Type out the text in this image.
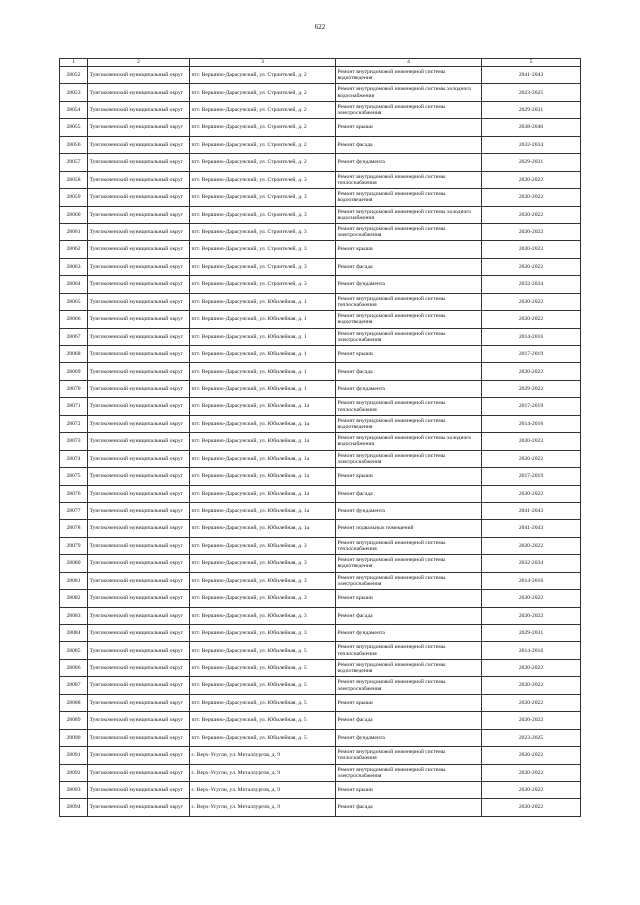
622
1	2	3	4	5
28052	Тунгокоченский муниципальный округ	пгт. Вершино-Дарасунский, ул. Строителей, д. 2	Ремонт внутридомовой инженерной системы водоотведения	2041-2043
28053	Тунгокоченский муниципальный округ	пгт. Вершино-Дарасунский, ул. Строителей, д. 2	Ремонт внутридомовой инженерной системы холодного водоснабжения	2023-2025
28054	Тунгокоченский муниципальный округ	пгт. Вершино-Дарасунский, ул. Строителей, д. 2	Ремонт внутридомовой инженерной системы электроснабжения	2029-2031
28055	Тунгокоченский муниципальный округ	пгт. Вершино-Дарасунский, ул. Строителей, д. 2	Ремонт крыши	2038-2040
28056	Тунгокоченский муниципальный округ	пгт. Вершино-Дарасунский, ул. Строителей, д. 2	Ремонт фасада	2032-2034
28057	Тунгокоченский муниципальный округ	пгт. Вершино-Дарасунский, ул. Строителей, д. 2	Ремонт фундамента	2029-2031
28058	Тунгокоченский муниципальный округ	пгт. Вершино-Дарасунский, ул. Строителей, д. 3	Ремонт внутридомовой инженерной системы теплоснабжения	2020-2022
28059	Тунгокоченский муниципальный округ	пгт. Вершино-Дарасунский, ул. Строителей, д. 3	Ремонт внутридомовой инженерной системы водоотведения	2020-2022
28060	Тунгокоченский муниципальный округ	пгт. Вершино-Дарасунский, ул. Строителей, д. 3	Ремонт внутридомовой инженерной системы холодного водоснабжения	2020-2022
28061	Тунгокоченский муниципальный округ	пгт. Вершино-Дарасунский, ул. Строителей, д. 3	Ремонт внутридомовой инженерной системы электроснабжения	2020-2022
28062	Тунгокоченский муниципальный округ	пгт. Вершино-Дарасунский, ул. Строителей, д. 3	Ремонт крыши	2020-2022
28063	Тунгокоченский муниципальный округ	пгт. Вершино-Дарасунский, ул. Строителей, д. 3	Ремонт фасада	2020-2022
28064	Тунгокоченский муниципальный округ	пгт. Вершино-Дарасунский, ул. Строителей, д. 3	Ремонт фундамента	2032-2034
28065	Тунгокоченский муниципальный округ	пгт. Вершино-Дарасунский, ул. Юбилейная, д. 1	Ремонт внутридомовой инженерной системы теплоснабжения	2020-2022
28066	Тунгокоченский муниципальный округ	пгт. Вершино-Дарасунский, ул. Юбилейная, д. 1	Ремонт внутридомовой инженерной системы водоотведения	2020-2022
28067	Тунгокоченский муниципальный округ	пгт. Вершино-Дарасунский, ул. Юбилейная, д. 1	Ремонт внутридомовой инженерной системы электроснабжения	2014-2016
28068	Тунгокоченский муниципальный округ	пгт. Вершино-Дарасунский, ул. Юбилейная, д. 1	Ремонт крыши	2017-2019
28069	Тунгокоченский муниципальный округ	пгт. Вершино-Дарасунский, ул. Юбилейная, д. 1	Ремонт фасада	2020-2022
28070	Тунгокоченский муниципальный округ	пгт. Вершино-Дарасунский, ул. Юбилейная, д. 1	Ремонт фундамента	2029-2022
28071	Тунгокоченский муниципальный округ	пгт. Вершино-Дарасунский, ул. Юбилейная, д. 1а	Ремонт внутридомовой инженерной системы теплоснабжения	2017-2019
28072	Тунгокоченский муниципальный округ	пгт. Вершино-Дарасунский, ул. Юбилейная, д. 1а	Ремонт внутридомовой инженерной системы водоотведения	2014-2016
28073	Тунгокоченский муниципальный округ	пгт. Вершино-Дарасунский, ул. Юбилейная, д. 1а	Ремонт внутридомовой инженерной системы холодного водоснабжения	2020-2022
28074	Тунгокоченский муниципальный округ	пгт. Вершино-Дарасунский, ул. Юбилейная, д. 1а	Ремонт внутридомовой инженерной системы электроснабжения	2020-2022
28075	Тунгокоченский муниципальный округ	пгт. Вершино-Дарасунский, ул. Юбилейная, д. 1а	Ремонт крыши	2017-2019
28076	Тунгокоченский муниципальный округ	пгт. Вершино-Дарасунский, ул. Юбилейная, д. 1а	Ремонт фасада	2020-2022
28077	Тунгокоченский муниципальный округ	пгт. Вершино-Дарасунский, ул. Юбилейная, д. 1а	Ремонт фундамента	2041-2043
28078	Тунгокоченский муниципальный округ	пгт. Вершино-Дарасунский, ул. Юбилейная, д. 1а	Ремонт подвальных помещений	2041-2043
28079	Тунгокоченский муниципальный округ	пгт. Вершино-Дарасунский, ул. Юбилейная, д. 3	Ремонт внутридомовой инженерной системы теплоснабжения	2020-2022
28080	Тунгокоченский муниципальный округ	пгт. Вершино-Дарасунский, ул. Юбилейная, д. 3	Ремонт внутридомовой инженерной системы водоотведения	2032-2034
28081	Тунгокоченский муниципальный округ	пгт. Вершино-Дарасунский, ул. Юбилейная, д. 3	Ремонт внутридомовой инженерной системы электроснабжения	2014-2016
28082	Тунгокоченский муниципальный округ	пгт. Вершино-Дарасунский, ул. Юбилейная, д. 3	Ремонт крыши	2020-2022
28083	Тунгокоченский муниципальный округ	пгт. Вершино-Дарасунский, ул. Юбилейная, д. 3	Ремонт фасада	2020-2022
28084	Тунгокоченский муниципальный округ	пгт. Вершино-Дарасунский, ул. Юбилейная, д. 3	Ремонт фундамента	2029-2031
28085	Тунгокоченский муниципальный округ	пгт. Вершино-Дарасунский, ул. Юбилейная, д. 5	Ремонт внутридомовой инженерной системы теплоснабжения	2014-2016
28086	Тунгокоченский муниципальный округ	пгт. Вершино-Дарасунский, ул. Юбилейная, д. 5	Ремонт внутридомовой инженерной системы водоотведения	2020-2022
28087	Тунгокоченский муниципальный округ	пгт. Вершино-Дарасунский, ул. Юбилейная, д. 5	Ремонт внутридомовой инженерной системы электроснабжения	2020-2022
28088	Тунгокоченский муниципальный округ	пгт. Вершино-Дарасунский, ул. Юбилейная, д. 5	Ремонт крыши	2020-2022
28089	Тунгокоченский муниципальный округ	пгт. Вершино-Дарасунский, ул. Юбилейная, д. 5	Ремонт фасада	2020-2022
28090	Тунгокоченский муниципальный округ	пгт. Вершино-Дарасунский, ул. Юбилейная, д. 5	Ремонт фундамента	2023-2025
28091	Тунгокоченский муниципальный округ	с. Верх-Усугли, ул. Металлургов, д. 9	Ремонт внутридомовой инженерной системы теплоснабжения	2020-2022
28092	Тунгокоченский муниципальный округ	с. Верх-Усугли, ул. Металлургов, д. 9	Ремонт внутридомовой инженерной системы электроснабжения	2020-2022
28093	Тунгокоченский муниципальный округ	с. Верх-Усугли, ул. Металлургов, д. 9	Ремонт крыши	2020-2022
28094	Тунгокоченский муниципальный округ	с. Верх-Усугли, ул. Металлургов, д. 9	Ремонт фасада	2020-2022
